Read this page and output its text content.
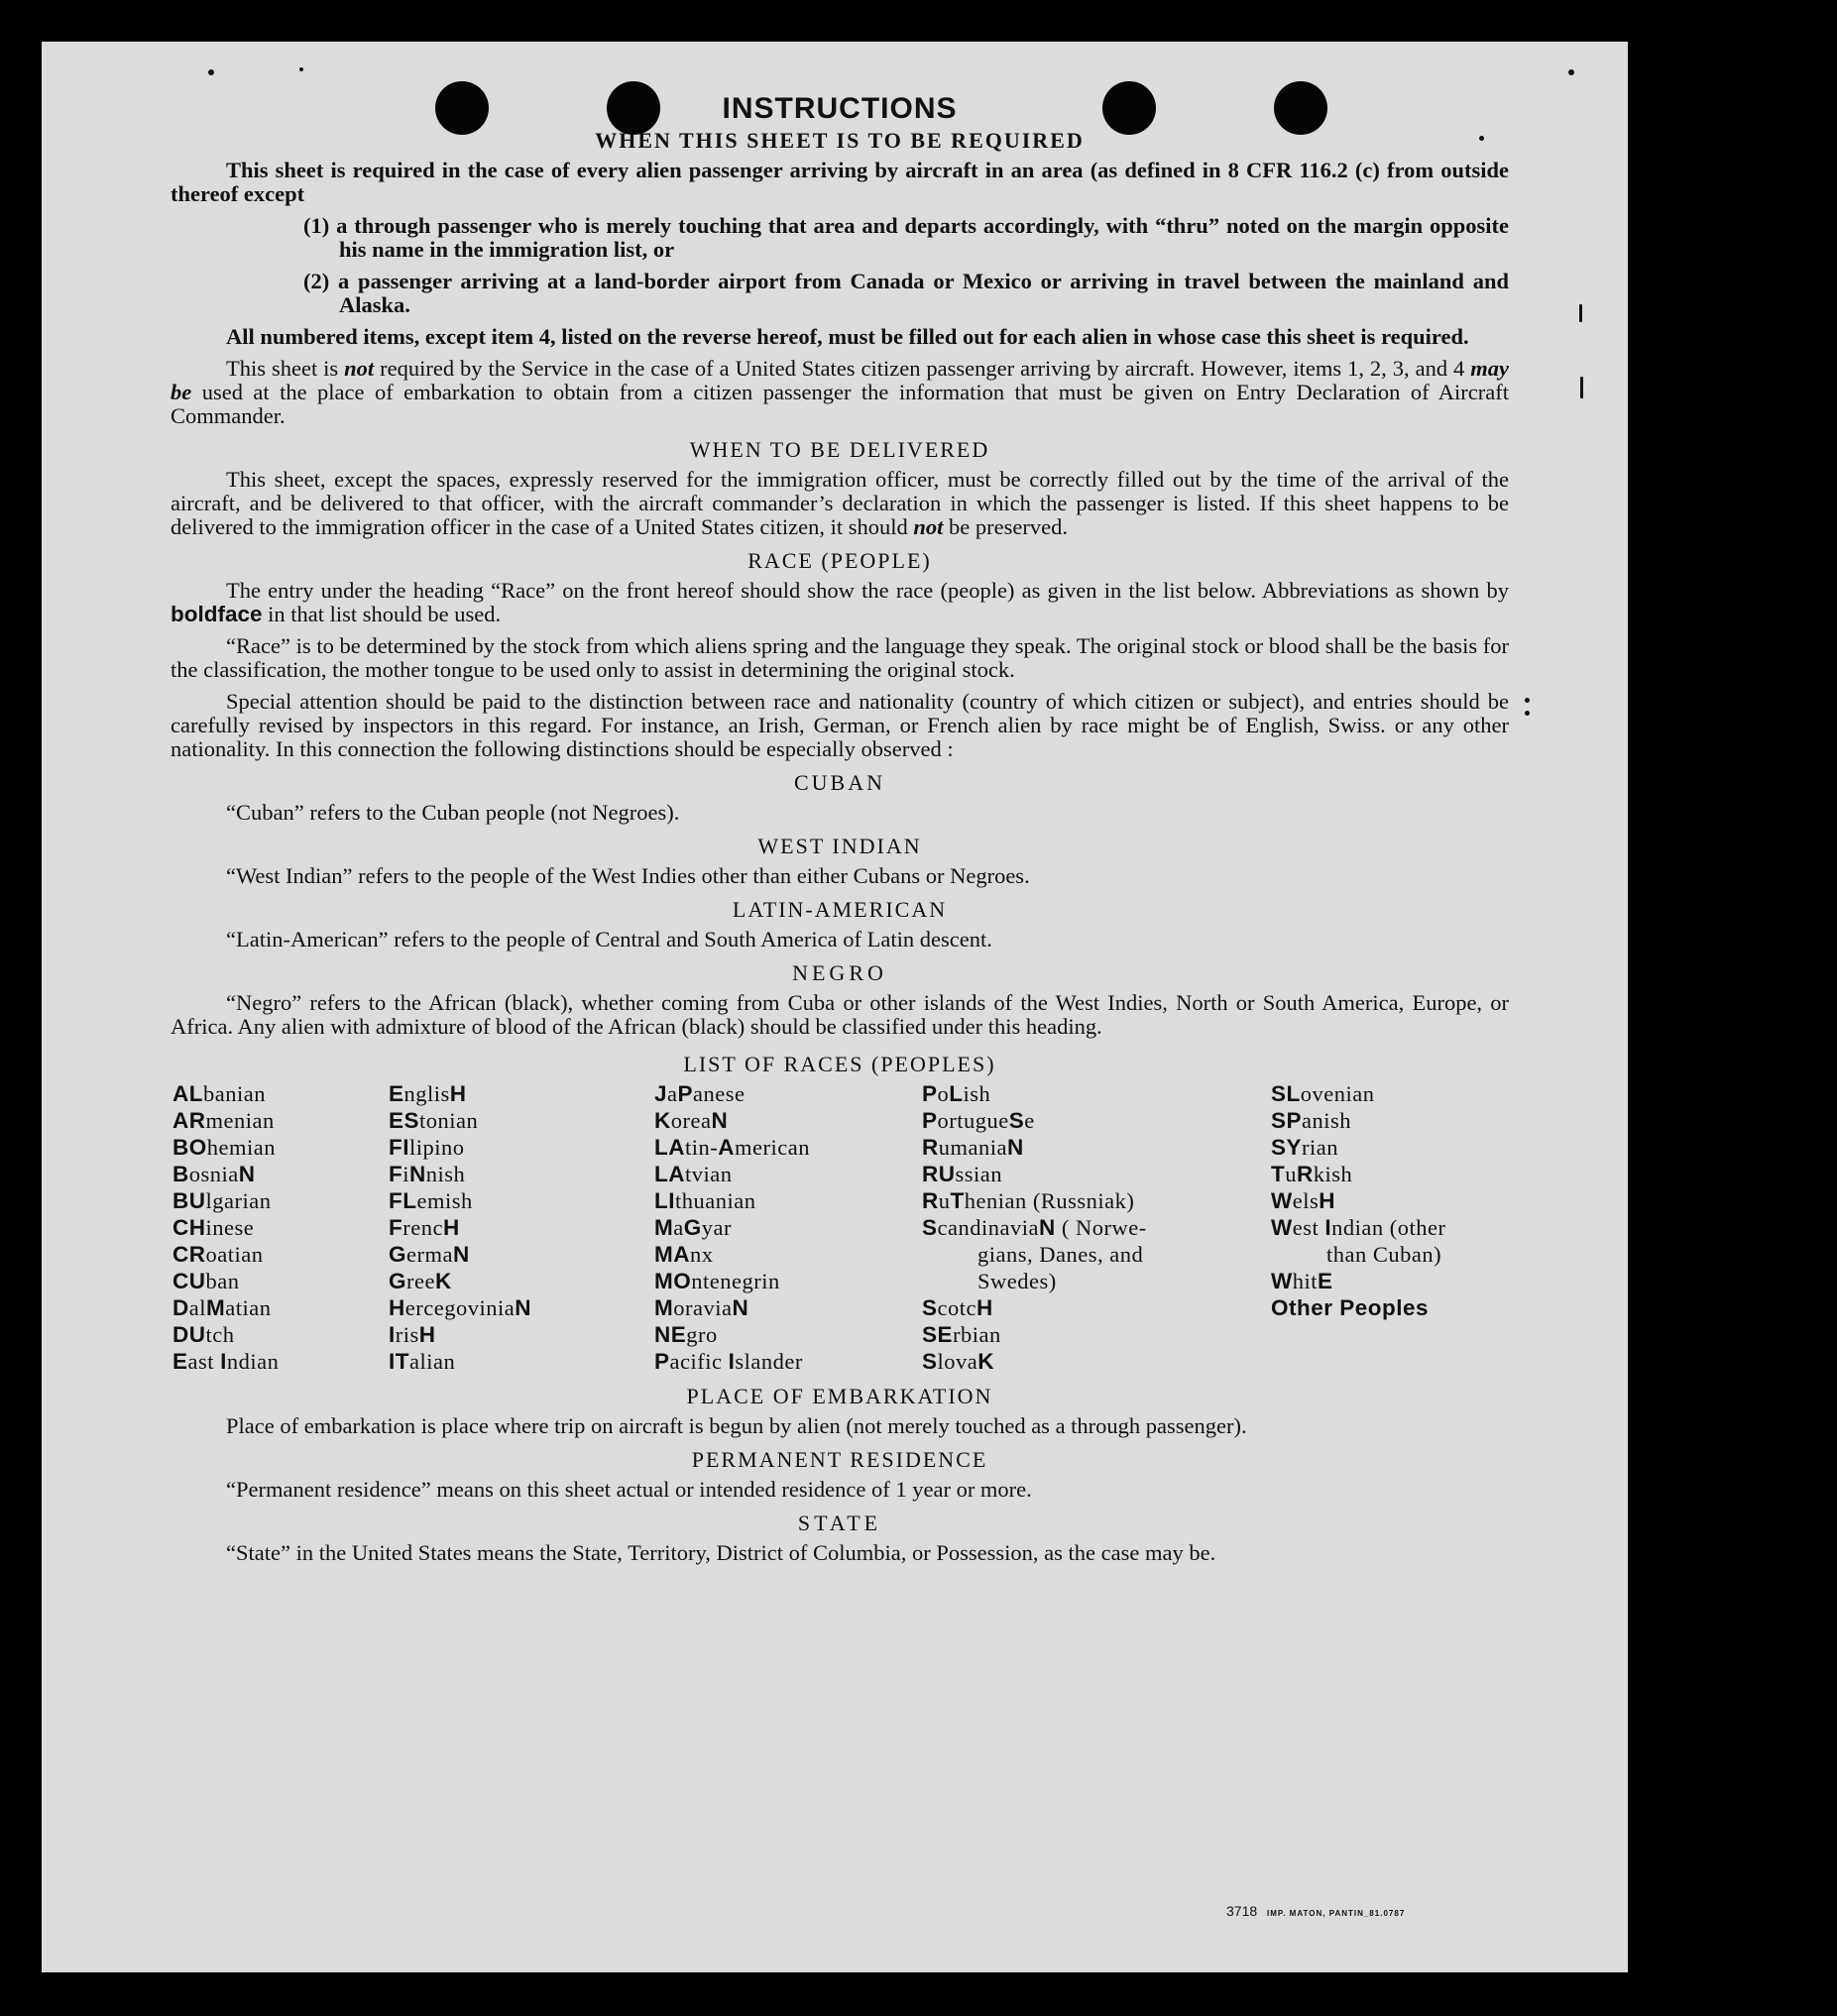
INSTRUCTIONS
WHEN THIS SHEET IS TO BE REQUIRED

This sheet is required in the case of every alien passenger arriving by aircraft in an area (as defined in 8 CFR 116.2 (c) from outside thereof except

(1) a through passenger who is merely touching that area and departs accordingly, with “thru” noted on the margin opposite his name in the immigration list, or
(2) a passenger arriving at a land-border airport from Canada or Mexico or arriving in travel between the mainland and Alaska.

All numbered items, except item 4, listed on the reverse hereof, must be filled out for each alien in whose case this sheet is required.

This sheet is not required by the Service in the case of a United States citizen passenger arriving by aircraft. However, items 1, 2, 3, and 4 may be used at the place of embarkation to obtain from a citizen passenger the information that must be given on Entry Declaration of Aircraft Commander.

WHEN TO BE DELIVERED

This sheet, except the spaces, expressly reserved for the immigration officer, must be correctly filled out by the time of the arrival of the aircraft, and be delivered to that officer, with the aircraft commander’s declaration in which the passenger is listed. If this sheet happens to be delivered to the immigration officer in the case of a United States citizen, it should not be preserved.

RACE (PEOPLE)

The entry under the heading “Race” on the front hereof should show the race (people) as given in the list below. Abbreviations as shown by boldface in that list should be used.

“Race” is to be determined by the stock from which aliens spring and the language they speak. The original stock or blood shall be the basis for the classification, the mother tongue to be used only to assist in determining the original stock.

Special attention should be paid to the distinction between race and nationality (country of which citizen or subject), and entries should be carefully revised by inspectors in this regard. For instance, an Irish, German, or French alien by race might be of English, Swiss. or any other nationality. In this connection the following distinctions should be especially observed :

CUBAN

“Cuban” refers to the Cuban people (not Negroes).

WEST INDIAN

“West Indian” refers to the people of the West Indies other than either Cubans or Negroes.

LATIN-AMERICAN

“Latin-American” refers to the people of Central and South America of Latin descent.

NEGRO

“Negro” refers to the African (black), whether coming from Cuba or other islands of the West Indies, North or South America, Europe, or Africa. Any alien with admixture of blood of the African (black) should be classified under this heading.

LIST OF RACES (PEOPLES)
ALbanian
ARmenian
BOhemian
BosniaN
BUlgarian
CHinese
CRoatian
CUban
DalMatian
DUtch
East Indian
EnglisH
EStonian
FIlipino
FiNnish
FLemish
FrencH
GermaN
GreeK
HercegoviniaN
IrisH
ITalian
JaPanese
KoreaN
LAtin-American
LAtvian
LIthuanian
MaGyar
MAnx
MOntenegrin
MoraviaN
NEgro
Pacific Islander
PoLish
PortugueSe
RumaniaN
RUssian
RuThenian (Russniak)
ScandinaviaN ( Norwe-
gians, Danes, and
Swedes)
ScotcH
SErbian
SlovaK
SLovenian
SPanish
SYrian
TuRkish
WelsH
West Indian (other
than Cuban)
WhitE
Other Peoples
PLACE OF EMBARKATION

Place of embarkation is place where trip on aircraft is begun by alien (not merely touched as a through passenger).

PERMANENT RESIDENCE

“Permanent residence” means on this sheet actual or intended residence of 1 year or more.

STATE

“State” in the United States means the State, Territory, District of Columbia, or Possession, as the case may be.

3718 IMP. MATON, PANTIN_81.0787
